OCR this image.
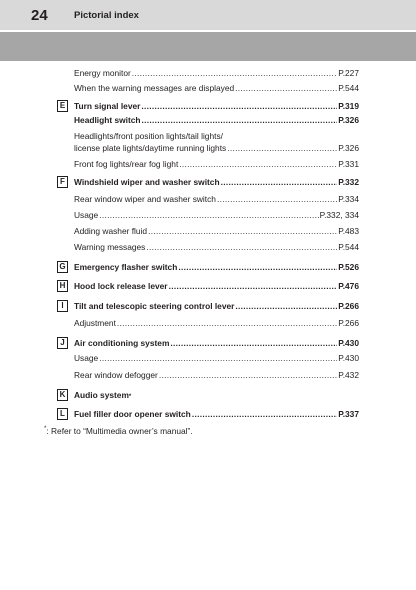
24	Pictorial index
Energy monitor .....	P.227
When the warning messages are displayed .....	P.544
E	Turn signal lever .....	P.319
Headlight switch .....	P.326
Headlights/front position lights/tail lights/
license plate lights/daytime running lights .....	P.326
Front fog lights/rear fog light .....	P.331
F	Windshield wiper and washer switch .....	P.332
Rear window wiper and washer switch .....	P.334
Usage .....	P.332, 334
Adding washer fluid .....	P.483
Warning messages .....	P.544
G Emergency flasher switch .....	P.526
H	Hood lock release lever .....	P.476
I	Tilt and telescopic steering control lever .....	P.266
Adjustment .....	P.266
J	Air conditioning system .....	P.430
Usage .....	P.430
Rear window defogger .....	P.432
K	Audio system *
L	Fuel filler door opener switch .....	P.337
*: Refer to “Multimedia owner’s manual”.
